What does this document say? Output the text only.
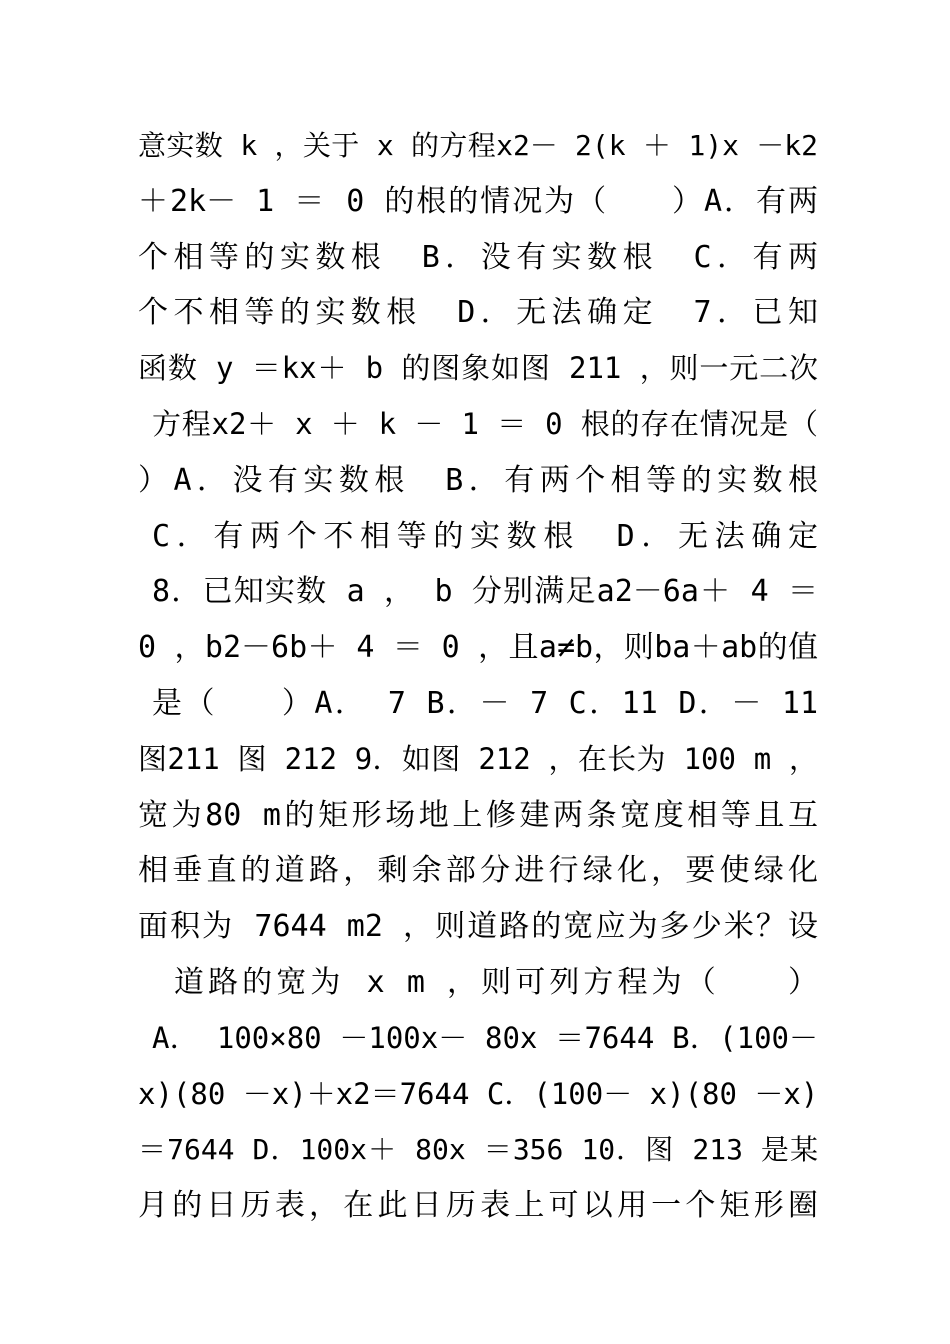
意实数 k ，关于 x 的方程x2－ 2(k ＋ 1)x －k2
＋2k－ 1 ＝ 0 的根的情况为（　　）A．有两
个相等的实数根　B．没有实数根　C．有两
个不相等的实数根　D．无法确定　7．已知
函数 y ＝kx＋ b 的图象如图 211 ，则一元二次
方程x2＋ x ＋ k － 1 ＝ 0 根的存在情况是（
）A．没有实数根　B．有两个相等的实数根
C．有两个不相等的实数根　D．无法确定
8．已知实数 a ， b 分别满足a2－6a＋ 4 ＝
0 ，b2－6b＋ 4 ＝ 0 ，且a≠b，则ba＋ab的值
是（　　）A． 7 B．－ 7 C．11 D．－ 11
图211 图 212 9．如图 212 ，在长为 100 m ，
宽为80 m的矩形场地上修建两条宽度相等且互
相垂直的道路，剩余部分进行绿化，要使绿化
面积为 7644 m2 ，则道路的宽应为多少米？设
道路的宽为 x m ，则可列方程为（　　）
A． 100×80 －100x－ 80x ＝7644 B．(100－
x)(80 －x)＋x2＝7644 C．(100－ x)(80 －x)
＝7644 D．100x＋ 80x ＝356 10．图 213 是某
月的日历表，在此日历表上可以用一个矩形圈
